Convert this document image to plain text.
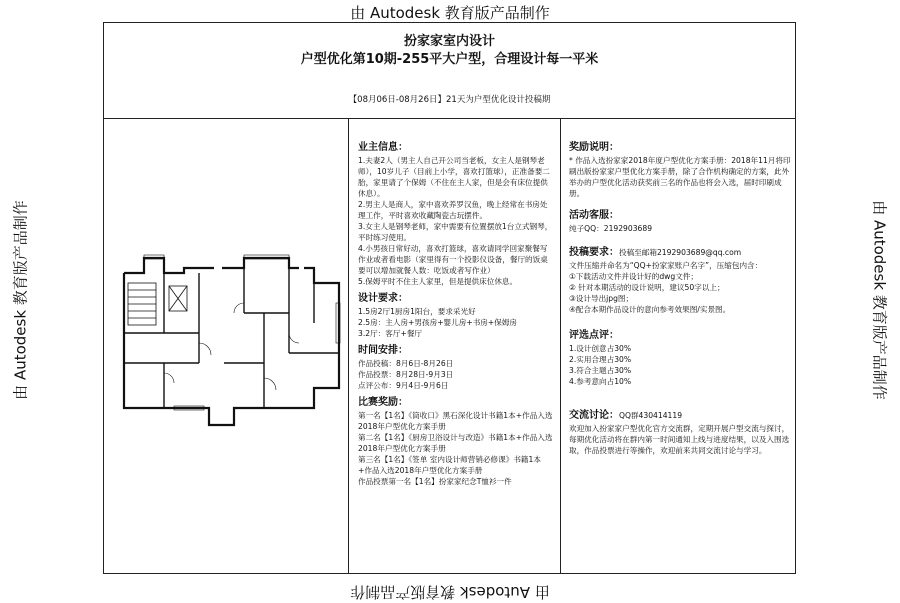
由 Autodesk 教育版产品制作
由 Autodesk 教育版产品制作
由 Autodesk 教育版产品制作	由 Autodesk 教育版产品制作
扮家家室内设计
户型优化第10期-255平大户型，合理设计每一平米
【08月06日-08月26日】21天为户型优化设计投稿期
业主信息：

1.夫妻2人（男主人自己开公司当老板，女主人是钢琴老师），10岁儿子（目前上小学，喜欢打篮球），正准备要二胎，家里请了个保姆（不住在主人家，但是会有床位提供休息）。

2.男主人是商人，家中喜欢养罗汉鱼，晚上经常在书房处理工作，平时喜欢收藏陶瓷古玩摆件。

3.女主人是钢琴老师，家中需要有位置摆放1台立式钢琴，平时练习使用。

4.小男孩日常好动，喜欢打篮球，喜欢请同学回家聚餐写作业或者看电影（家里得有一个投影仪设备，餐厅的饭桌要可以增加就餐人数：吃饭或者写作业）

5.保姆平时不住主人家里，但是提供床位休息。

设计要求：

1.5房2厅1厨房1阳台，要求采光好

2.5房：主人房+男孩房+婴儿房+书房+保姆房

3.2厅：客厅+餐厅

时间安排：

作品投稿：8月6日-8月26日

作品投票：8月28日-9月3日

点评公布：9月4日-9月6日

比赛奖励：

第一名【1名】《筒收口》黑石深化设计书籍1本+作品入选2018年户型优化方案手册

第二名【1名】《厨房卫浴设计与改造》书籍1本+作品入选2018年户型优化方案手册

第三名【1名】《签单 室内设计师营销必修课》书籍1本+作品入选2018年户型优化方案手册

作品投票第一名【1名】扮家家纪念T恤衫一件

奖励说明：

* 作品入选扮家家2018年度户型优化方案手册：2018年11月将印刷出版扮家家户型优化方案手册，除了合作机构确定的方案，此外举办的户型优化活动获奖前三名的作品也将会入选，届时印刷成册。

活动客服：

纯子QQ：2192903689

投稿要求：投稿至邮箱2192903689@qq.com

文件压缩并命名为“QQ+扮家家账户名字”，压缩包内含：

①下载活动文件并设计好的dwg文件；

② 针对本期活动的设计说明，建议50字以上；

③设计导出jpg图；

④配合本期作品设计的意向参考效果图/实景图。

评选点评：

1.设计创意占30%

2.实用合理占30%

3.符合主题占30%

4.参考意向占10%

交流讨论：QQ群430414119

欢迎加入扮家家户型优化官方交流群，定期开展户型交流与探讨，每期优化活动将在群内第一时间通知上线与进度结果，以及入围选取，作品投票进行等操作，欢迎前来共同交流讨论与学习。
